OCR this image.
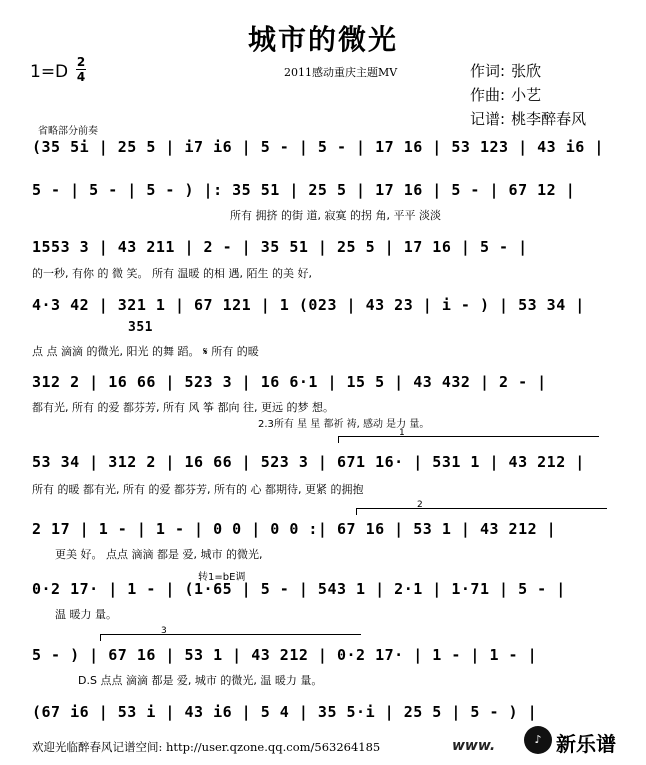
城市的微光
1=D 2
4	2011感动重庆主题MV	作词: 张欣
作曲: 小艺
记谱: 桃李醉春风
省略部分前奏
(35 5i | 25 5 | i7 i6 | 5 - | 5 - | 17 16 | 53 123 | 43 i6 |
5 - | 5 - | 5 - ) |: 35 51 | 25 5 | 17 16 | 5 - | 67 12 |
所有 拥挤 的街 道, 寂寞 的拐 角, 平平 淡淡
1553 3 | 43 211 | 2 - | 35 51 | 25 5 | 17 16 | 5 - |
的一秒, 有你 的 微 笑。 所有 温暖 的相 遇, 陌生 的美 好,
4·3 42 | 321 1 | 67 121 | 1 (023 | 43 23 | i - ) | 53 34 |
351
点 点 滴滴 的微光, 阳光 的舞 蹈。 𝄋 所有 的暖
312 2 | 16 66 | 523 3 | 16 6·1 | 15 5 | 43 432 | 2 - |
都有光, 所有 的爱 都芬芳, 所有 风 筝 都向 往, 更远 的梦 想。
2.3所有 星 星 都祈 祷, 感动 是力 量。
1
53 34 | 312 2 | 16 66 | 523 3 | 671 16· | 531 1 | 43 212 |
所有 的暖 都有光, 所有 的爱 都芬芳, 所有的 心 都期待, 更紧 的拥抱
2
2 17 | 1 - | 1 - | 0 0 | 0 0 :| 67 16 | 53 1 | 43 212 |
更美 好。 点点 滴滴 都是 爱, 城市 的微光,
转1=bE调
0·2 17· | 1 - | (1·65 | 5 - | 543 1 | 2·1 | 1·71 | 5 - |
温 暖力 量。
3
5 - ) | 67 16 | 53 1 | 43 212 | 0·2 17· | 1 - | 1 - |
D.S 点点 滴滴 都是 爱, 城市 的微光, 温 暖力 量。
(67 i6 | 53 i | 43 i6 | 5 4 | 35 5·i | 25 5 | 5 - ) |
欢迎光临醉春风记谱空间: http://user.qzone.qq.com/563264185	www.	♪ 新乐谱
